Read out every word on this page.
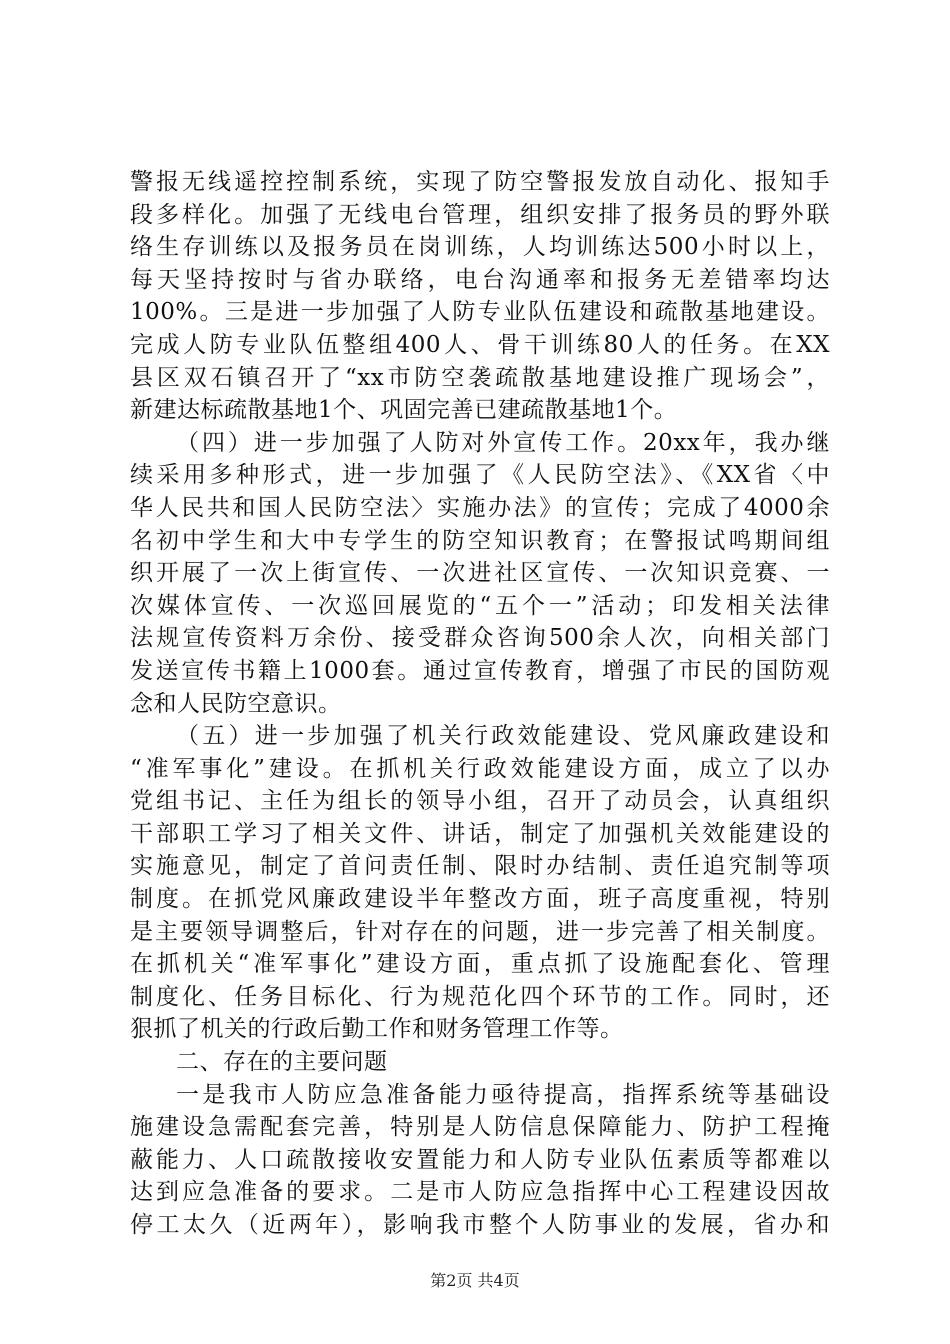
警报无线遥控控制系统，实现了防空警报发放自动化、报知手
段多样化。加强了无线电台管理，组织安排了报务员的野外联
络生存训练以及报务员在岗训练，人均训练达500小时以上，
每天坚持按时与省办联络，电台沟通率和报务无差错率均达
100%。三是进一步加强了人防专业队伍建设和疏散基地建设。
完成人防专业队伍整组400人、骨干训练80人的任务。在XX
县区双石镇召开了“xx市防空袭疏散基地建设推广现场会”，
新建达标疏散基地1个、巩固完善已建疏散基地1个。
（四）进一步加强了人防对外宣传工作。20xx年，我办继
续采用多种形式，进一步加强了《人民防空法》、《XX省〈中
华人民共和国人民防空法〉实施办法》的宣传；完成了4000余
名初中学生和大中专学生的防空知识教育；在警报试鸣期间组
织开展了一次上街宣传、一次进社区宣传、一次知识竞赛、一
次媒体宣传、一次巡回展览的“五个一”活动；印发相关法律
法规宣传资料万余份、接受群众咨询500余人次，向相关部门
发送宣传书籍上1000套。通过宣传教育，增强了市民的国防观
念和人民防空意识。
（五）进一步加强了机关行政效能建设、党风廉政建设和
“准军事化”建设。在抓机关行政效能建设方面，成立了以办
党组书记、主任为组长的领导小组，召开了动员会，认真组织
干部职工学习了相关文件、讲话，制定了加强机关效能建设的
实施意见，制定了首问责任制、限时办结制、责任追究制等项
制度。在抓党风廉政建设半年整改方面，班子高度重视，特别
是主要领导调整后，针对存在的问题，进一步完善了相关制度。
在抓机关“准军事化”建设方面，重点抓了设施配套化、管理
制度化、任务目标化、行为规范化四个环节的工作。同时，还
狠抓了机关的行政后勤工作和财务管理工作等。
二、存在的主要问题
一是我市人防应急准备能力亟待提高，指挥系统等基础设
施建设急需配套完善，特别是人防信息保障能力、防护工程掩
蔽能力、人口疏散接收安置能力和人防专业队伍素质等都难以
达到应急准备的要求。二是市人防应急指挥中心工程建设因故
停工太久（近两年），影响我市整个人防事业的发展，省办和
第2页 共4页
